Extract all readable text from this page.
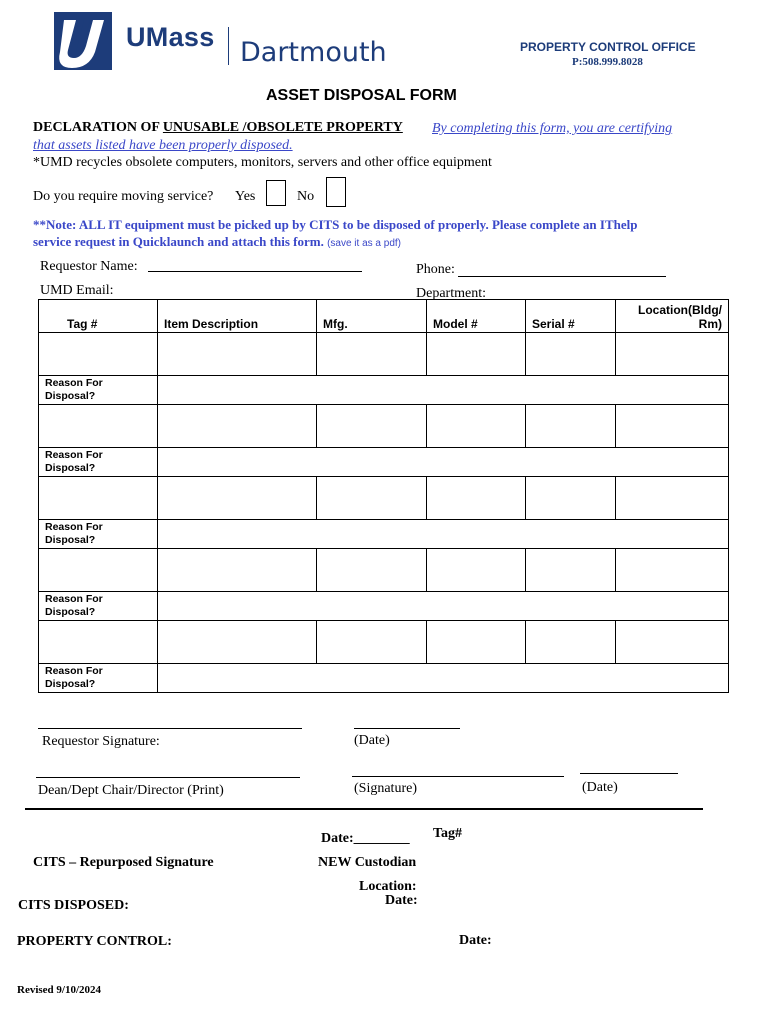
UMass Dartmouth	PROPERTY CONTROL OFFICE
P:508.999.8028
ASSET DISPOSAL FORM
DECLARATION OF UNUSABLE /OBSOLETE PROPERTY By completing this form, you are certifying
that assets listed have been properly disposed.
*UMD recycles obsolete computers, monitors, servers and other office equipment
Do you require moving service? Yes	No
**Note: ALL IT equipment must be picked up by CITS to be disposed of properly. Please complete an IThelp
service request in Quicklaunch and attach this form. (save it as a pdf)
Requestor Name:	Phone:
UMD Email:	Department:
Tag #	Item Description	Mfg.	Model #	Serial #	Location(Bldg/ Rm)

Reason For Disposal?					

Reason For Disposal?					

Reason For Disposal?					

Reason For Disposal?					

Reason For Disposal?					

Requestor Signature:	(Date)
Dean/Dept Chair/Director (Print)	(Signature)	(Date)
Date:________ Tag#
CITS – Repurposed Signature	NEW Custodian
Location:
Date:
CITS DISPOSED:
PROPERTY CONTROL:	Date:
Revised 9/10/2024
